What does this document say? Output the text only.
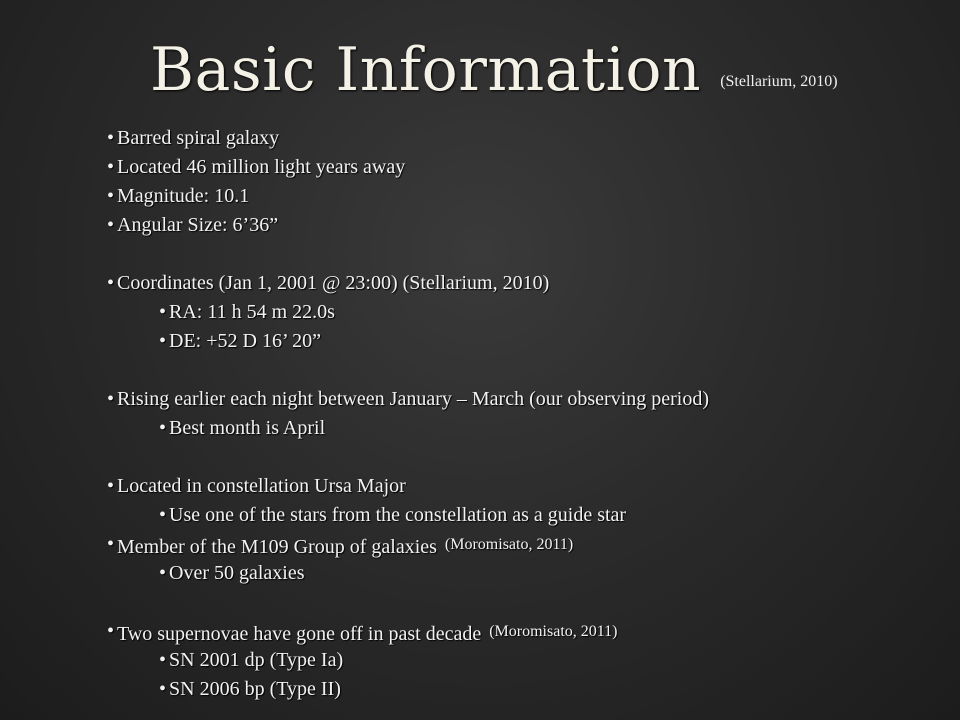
Basic Information (Stellarium, 2010)
• Barred spiral galaxy
• Located 46 million light years away
• Magnitude: 10.1
• Angular Size: 6’36”
• Coordinates (Jan 1, 2001 @ 23:00) (Stellarium, 2010)
• RA: 11 h 54 m 22.0s
• DE: +52 D 16’ 20”
• Rising earlier each night between January – March (our observing period)
• Best month is April
• Located in constellation Ursa Major
• Use one of the stars from the constellation as a guide star
• Member of the M109 Group of galaxies $^{(Moromisato, 2011)}$
• Over 50 galaxies
• Two supernovae have gone off in past decade $^{(Moromisato, 2011)}$
• SN 2001 dp (Type Ia)
• SN 2006 bp (Type II)
